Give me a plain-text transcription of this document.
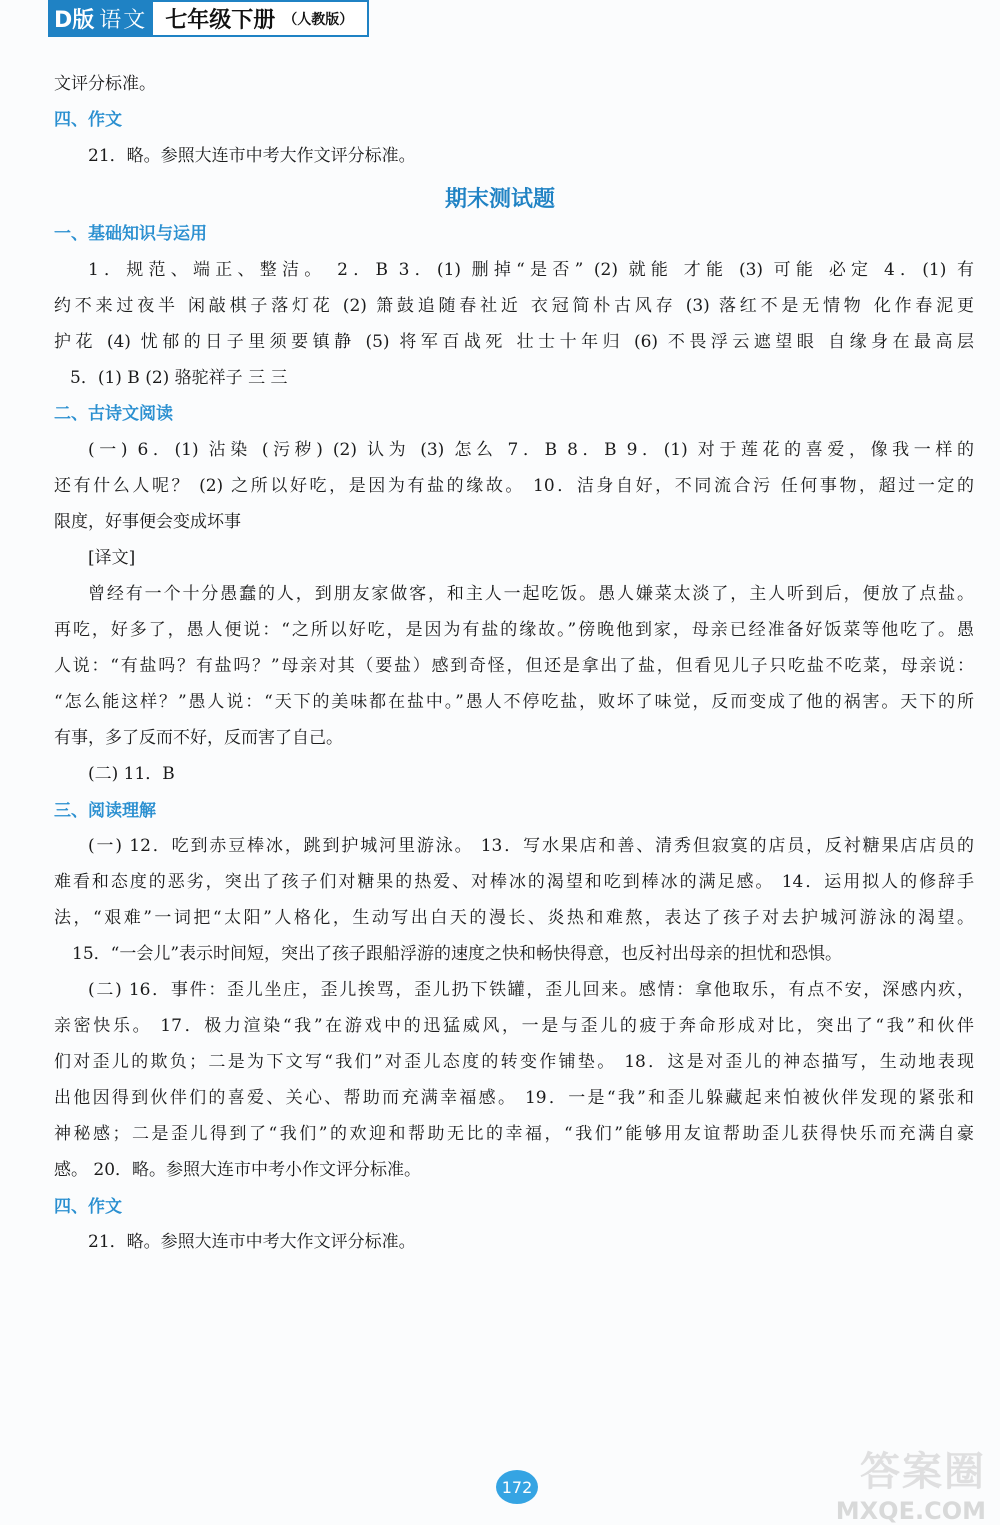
D版 语文 七年级下册 （人教版）
文评分标准。
四、作文
21．略。参照大连市中考大作文评分标准。
期末测试题
一、基础知识与运用
1．规范、端正、整洁。 2．B 3．(1) 删掉“是否” (2) 就能 才能 (3) 可能 必定 4．(1) 有
约不来过夜半 闲敲棋子落灯花 (2) 箫鼓追随春社近 衣冠简朴古风存 (3) 落红不是无情物 化作春泥更
护花 (4) 忧郁的日子里须要镇静 (5) 将军百战死 壮士十年归 (6) 不畏浮云遮望眼 自缘身在最高层
5．(1) B (2) 骆驼祥子 三 三
二、古诗文阅读
(一) 6．(1) 沾染 (污秽) (2) 认为 (3) 怎么 7．B 8．B 9．(1) 对于莲花的喜爱，像我一样的
还有什么人呢？ (2) 之所以好吃，是因为有盐的缘故。 10．洁身自好，不同流合污 任何事物，超过一定的
限度，好事便会变成坏事
[译文]
曾经有一个十分愚蠢的人，到朋友家做客，和主人一起吃饭。愚人嫌菜太淡了，主人听到后，便放了点盐。
再吃，好多了，愚人便说：“之所以好吃，是因为有盐的缘故。”傍晚他到家，母亲已经准备好饭菜等他吃了。愚
人说：“有盐吗？有盐吗？”母亲对其（要盐）感到奇怪，但还是拿出了盐，但看见儿子只吃盐不吃菜，母亲说：
“怎么能这样？”愚人说：“天下的美味都在盐中。”愚人不停吃盐，败坏了味觉，反而变成了他的祸害。天下的所
有事，多了反而不好，反而害了自己。
(二) 11．B
三、阅读理解
(一) 12．吃到赤豆棒冰，跳到护城河里游泳。 13．写水果店和善、清秀但寂寞的店员，反衬糖果店店员的
难看和态度的恶劣，突出了孩子们对糖果的热爱、对棒冰的渴望和吃到棒冰的满足感。 14．运用拟人的修辞手
法，“艰难”一词把“太阳”人格化，生动写出白天的漫长、炎热和难熬，表达了孩子对去护城河游泳的渴望。
15．“一会儿”表示时间短，突出了孩子跟船浮游的速度之快和畅快得意，也反衬出母亲的担忧和恐惧。
(二) 16．事件：歪儿坐庄，歪儿挨骂，歪儿扔下铁罐，歪儿回来。感情：拿他取乐，有点不安，深感内疚，
亲密快乐。 17．极力渲染“我”在游戏中的迅猛威风，一是与歪儿的疲于奔命形成对比，突出了“我”和伙伴
们对歪儿的欺负；二是为下文写“我们”对歪儿态度的转变作铺垫。 18．这是对歪儿的神态描写，生动地表现
出他因得到伙伴们的喜爱、关心、帮助而充满幸福感。 19．一是“我”和歪儿躲藏起来怕被伙伴发现的紧张和
神秘感；二是歪儿得到了“我们”的欢迎和帮助无比的幸福，“我们”能够用友谊帮助歪儿获得快乐而充满自豪
感。 20．略。参照大连市中考小作文评分标准。
四、作文
21．略。参照大连市中考大作文评分标准。
172	答案圈
MXQE.COM
